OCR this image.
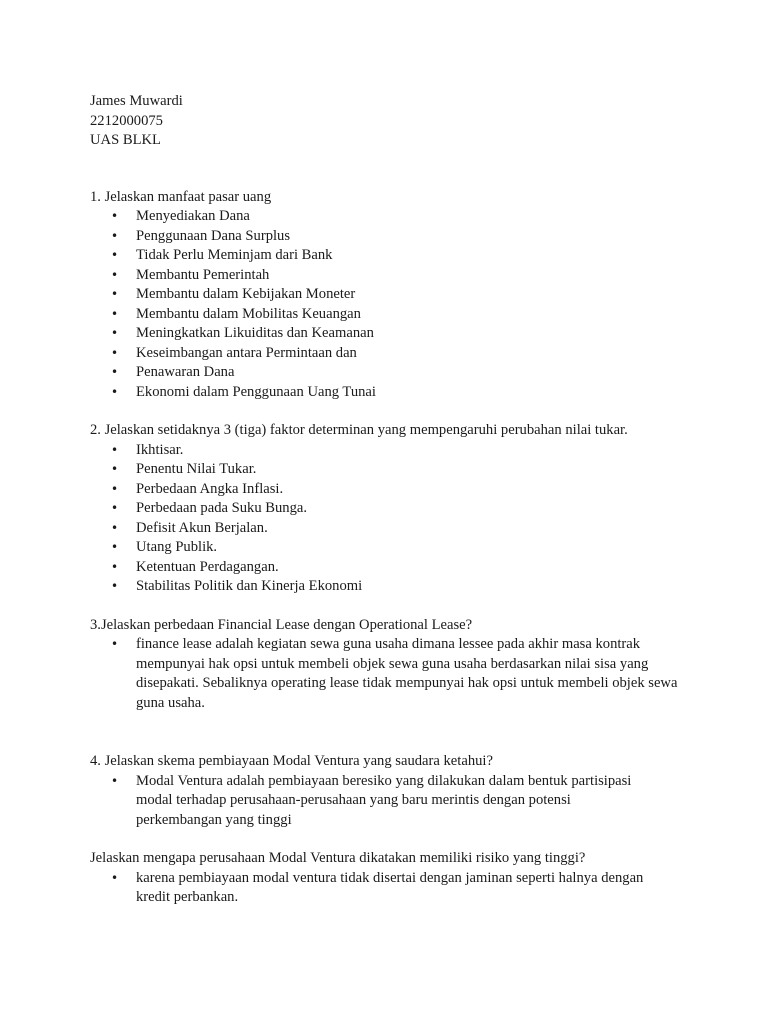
James Muwardi

2212000075

UAS BLKL

1. Jelaskan manfaat pasar uang

• Menyediakan Dana
• Penggunaan Dana Surplus
• Tidak Perlu Meminjam dari Bank
• Membantu Pemerintah
• Membantu dalam Kebijakan Moneter
• Membantu dalam Mobilitas Keuangan
• Meningkatkan Likuiditas dan Keamanan
• Keseimbangan antara Permintaan dan
• Penawaran Dana
• Ekonomi dalam Penggunaan Uang Tunai

2. Jelaskan setidaknya 3 (tiga) faktor determinan yang mempengaruhi perubahan nilai tukar.

• Ikhtisar.
• Penentu Nilai Tukar.
• Perbedaan Angka Inflasi.
• Perbedaan pada Suku Bunga.
• Defisit Akun Berjalan.
• Utang Publik.
• Ketentuan Perdagangan.
• Stabilitas Politik dan Kinerja Ekonomi

3.Jelaskan perbedaan Financial Lease dengan Operational Lease?

• finance lease adalah kegiatan sewa guna usaha dimana lessee pada akhir masa kontrak mempunyai hak opsi untuk membeli objek sewa guna usaha berdasarkan nilai sisa yang disepakati. Sebaliknya operating lease tidak mempunyai hak opsi untuk membeli objek sewa guna usaha.

4. Jelaskan skema pembiayaan Modal Ventura yang saudara ketahui?

• Modal Ventura adalah pembiayaan beresiko yang dilakukan dalam bentuk partisipasi modal terhadap perusahaan-perusahaan yang baru merintis dengan potensi perkembangan yang tinggi

Jelaskan mengapa perusahaan Modal Ventura dikatakan memiliki risiko yang tinggi?

• karena pembiayaan modal ventura tidak disertai dengan jaminan seperti halnya dengan kredit perbankan.
